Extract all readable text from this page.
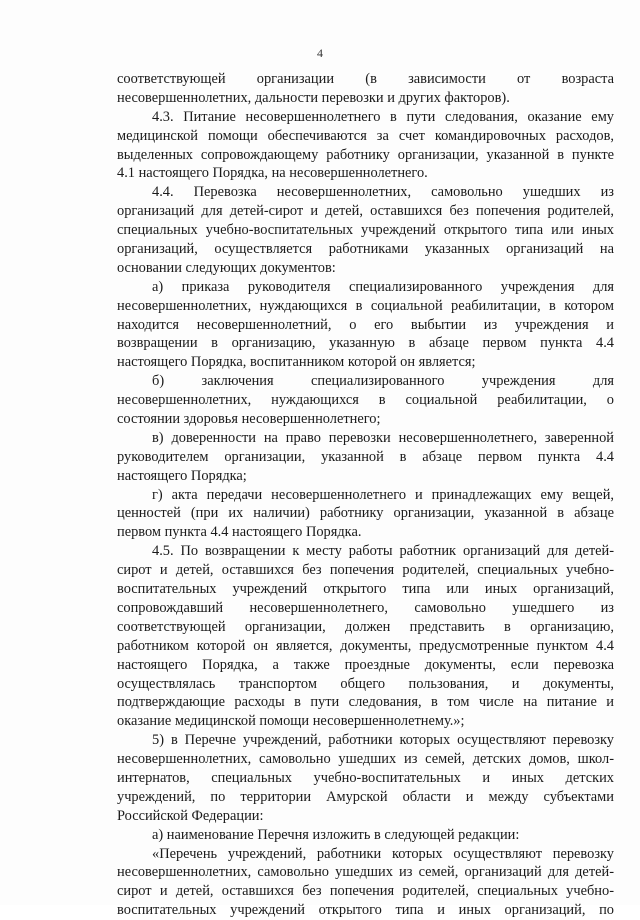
4
соответствующей организации (в зависимости от возраста
несовершеннолетних, дальности перевозки и других факторов).
4.3. Питание несовершеннолетнего в пути следования, оказание ему
медицинской помощи обеспечиваются за счет командировочных расходов,
выделенных сопровождающему работнику организации, указанной в пункте
4.1 настоящего Порядка, на несовершеннолетнего.
4.4. Перевозка несовершеннолетних, самовольно ушедших из
организаций для детей-сирот и детей, оставшихся без попечения родителей,
специальных учебно-воспитательных учреждений открытого типа или иных
организаций, осуществляется работниками указанных организаций на
основании следующих документов:
а) приказа руководителя специализированного учреждения для
несовершеннолетних, нуждающихся в социальной реабилитации, в котором
находится несовершеннолетний, о его выбытии из учреждения и
возвращении в организацию, указанную в абзаце первом пункта 4.4
настоящего Порядка, воспитанником которой он является;
б) заключения специализированного учреждения для
несовершеннолетних, нуждающихся в социальной реабилитации, о
состоянии здоровья несовершеннолетнего;
в) доверенности на право перевозки несовершеннолетнего, заверенной
руководителем организации, указанной в абзаце первом пункта 4.4
настоящего Порядка;
г) акта передачи несовершеннолетнего и принадлежащих ему вещей,
ценностей (при их наличии) работнику организации, указанной в абзаце
первом пункта 4.4 настоящего Порядка.
4.5. По возвращении к месту работы работник организаций для детей-
сирот и детей, оставшихся без попечения родителей, специальных учебно-
воспитательных учреждений открытого типа или иных организаций,
сопровождавший несовершеннолетнего, самовольно ушедшего из
соответствующей организации, должен представить в организацию,
работником которой он является, документы, предусмотренные пунктом 4.4
настоящего Порядка, а также проездные документы, если перевозка
осуществлялась транспортом общего пользования, и документы,
подтверждающие расходы в пути следования, в том числе на питание и
оказание медицинской помощи несовершеннолетнему.»;
5) в Перечне учреждений, работники которых осуществляют перевозку
несовершеннолетних, самовольно ушедших из семей, детских домов, школ-
интернатов, специальных учебно-воспитательных и иных детских
учреждений, по территории Амурской области и между субъектами
Российской Федерации:
а) наименование Перечня изложить в следующей редакции:
«Перечень учреждений, работники которых осуществляют перевозку
несовершеннолетних, самовольно ушедших из семей, организаций для детей-
сирот и детей, оставшихся без попечения родителей, специальных учебно-
воспитательных учреждений открытого типа и иных организаций, по
